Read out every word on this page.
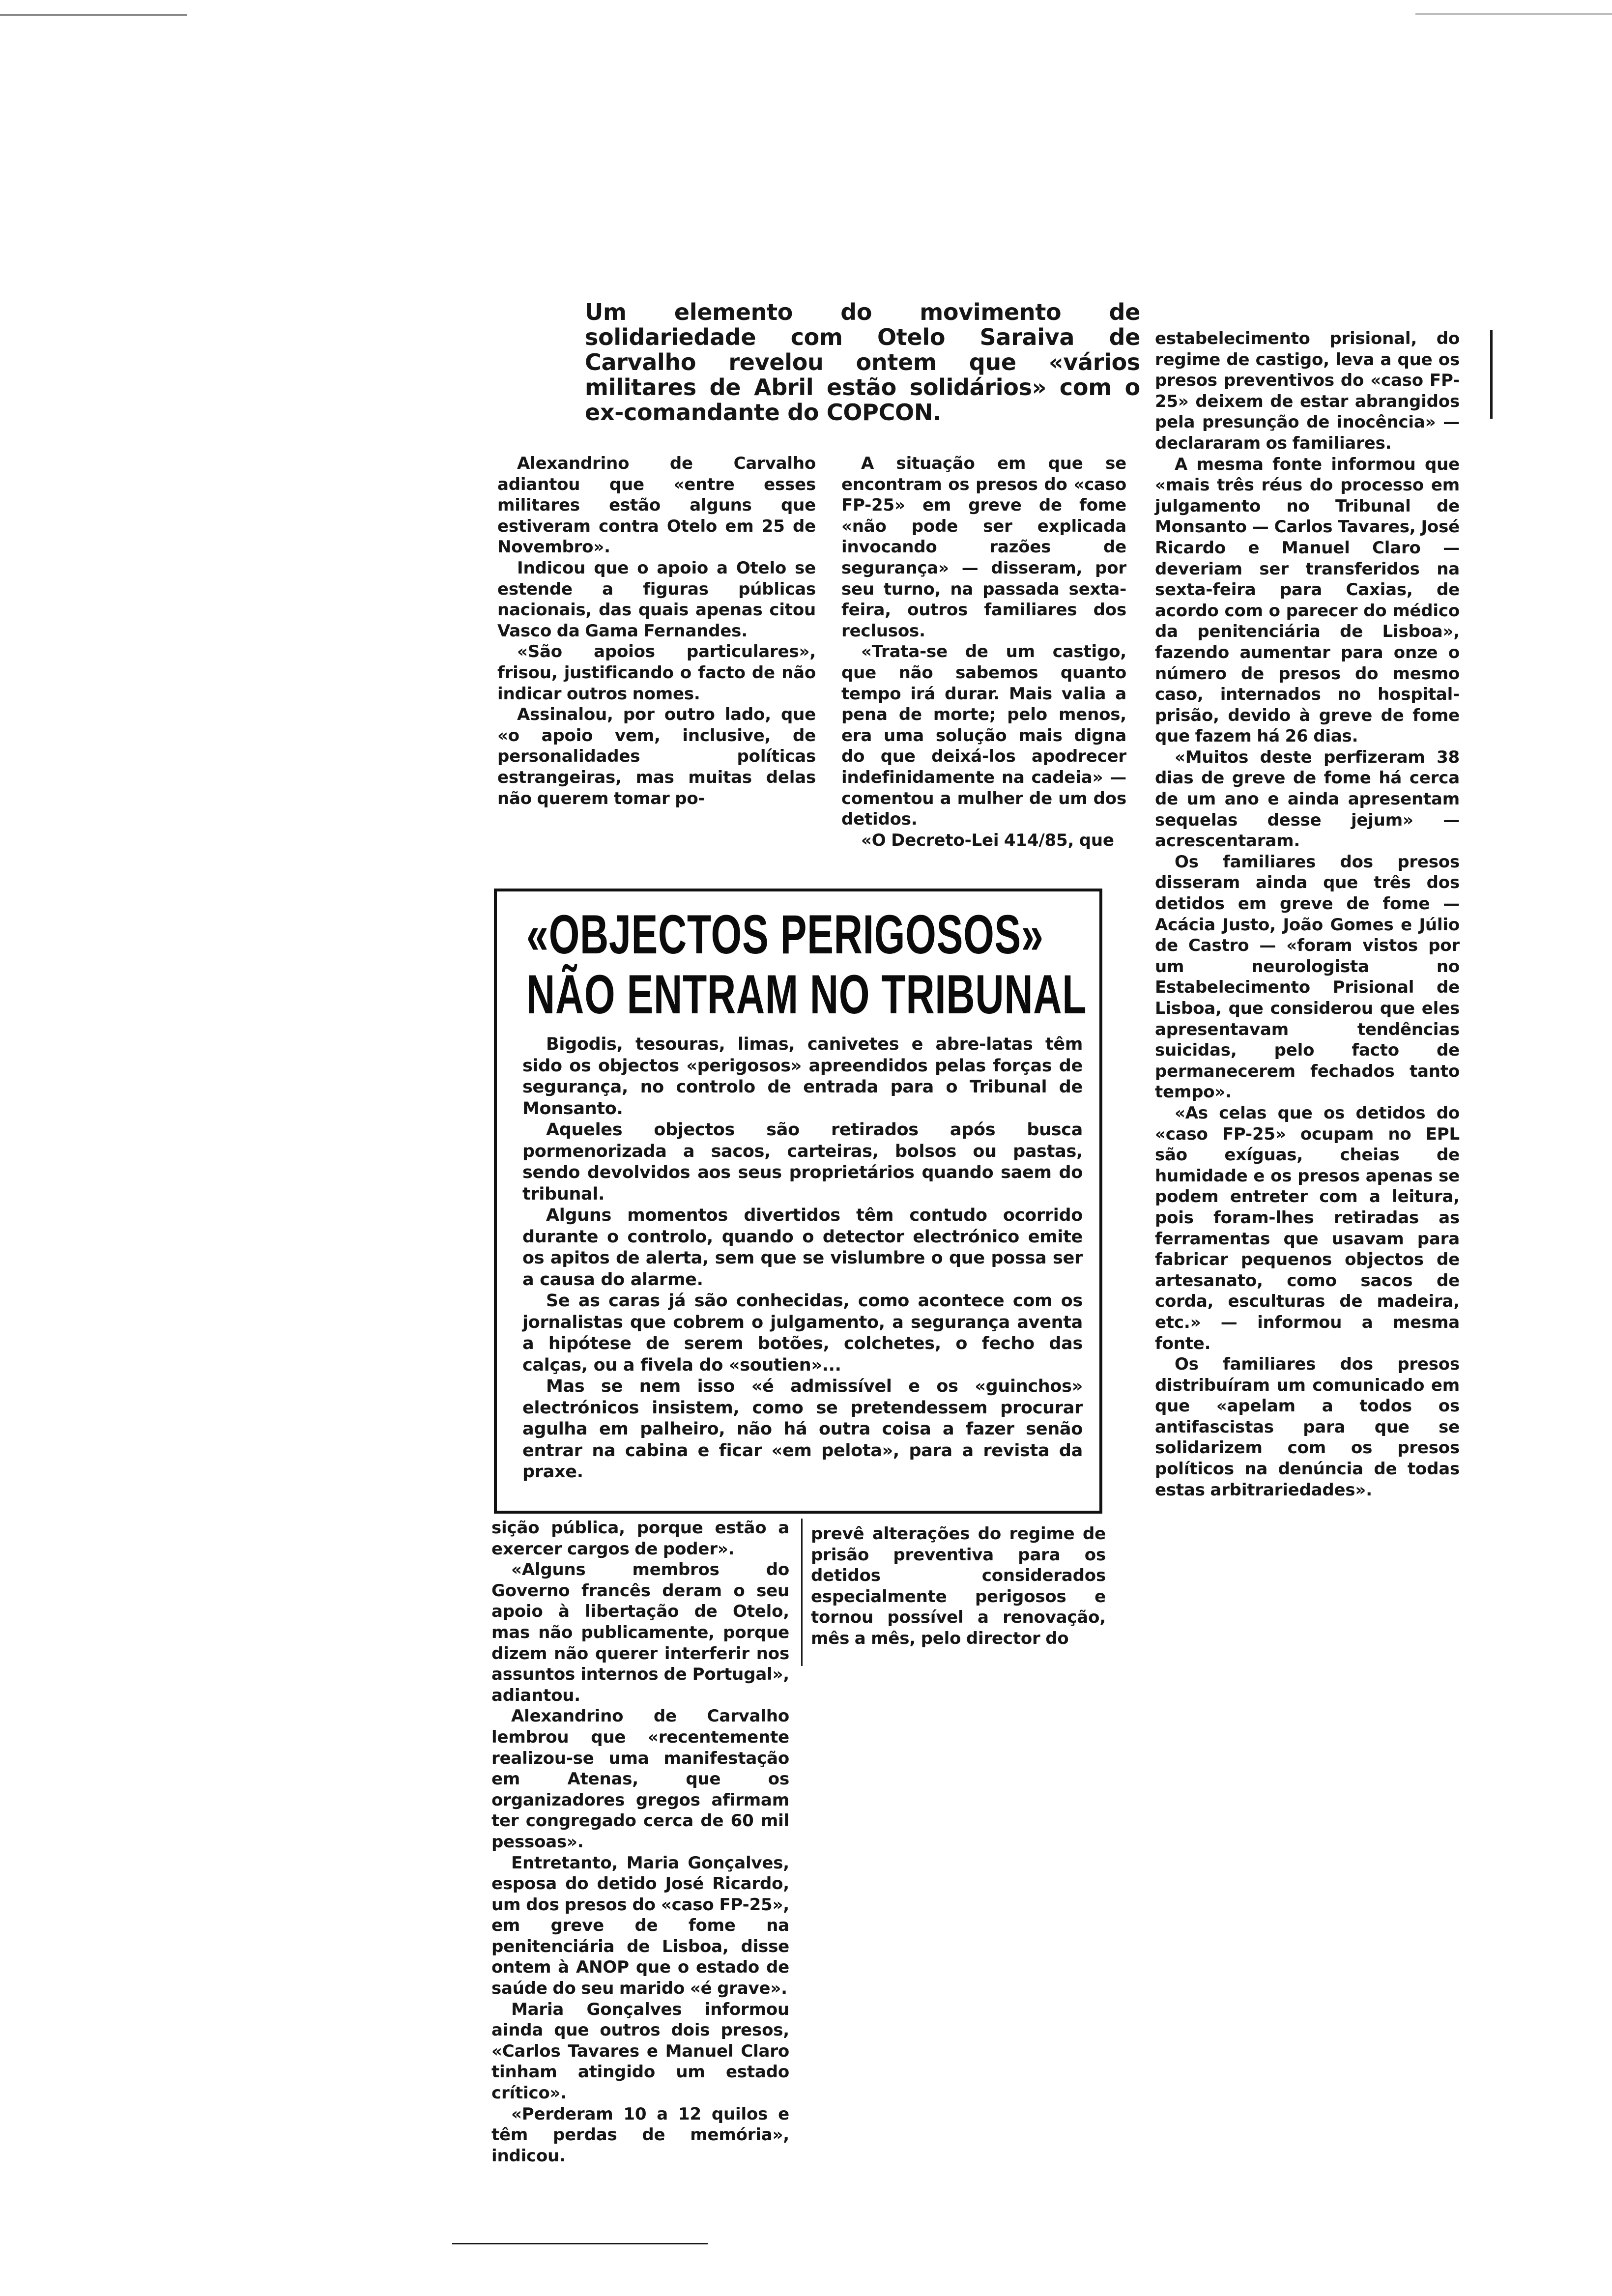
Um elemento do movimento de solidariedade com Otelo Saraiva de Carvalho revelou ontem que «vários militares de Abril estão solidários» com o ex-comandante do COPCON.

Alexandrino de Carvalho adiantou que «entre esses militares estão alguns que estiveram contra Otelo em 25 de Novembro».

Indicou que o apoio a Otelo se estende a figuras públicas nacionais, das quais apenas citou Vasco da Gama Fernandes.

«São apoios particulares», frisou, justificando o facto de não indicar outros nomes.

Assinalou, por outro lado, que «o apoio vem, inclusive, de personalidades políticas estrangeiras, mas muitas delas não querem tomar po-

A situação em que se encontram os presos do «caso FP-25» em greve de fome «não pode ser explicada invocando razões de segurança» — disseram, por seu turno, na passada sexta-feira, outros familiares dos reclusos.

«Trata-se de um castigo, que não sabemos quanto tempo irá durar. Mais valia a pena de morte; pelo menos, era uma solução mais digna do que deixá-los apodrecer indefinidamente na cadeia» — comentou a mulher de um dos detidos.

«O Decreto-Lei 414/85, que

estabelecimento prisional, do regime de castigo, leva a que os presos preventivos do «caso FP-25» deixem de estar abrangidos pela presunção de inocência» — declararam os familiares.

A mesma fonte informou que «mais três réus do processo em julgamento no Tribunal de Monsanto — Carlos Tavares, José Ricardo e Manuel Claro — deveriam ser transferidos na sexta-feira para Caxias, de acordo com o parecer do médico da penitenciária de Lisboa», fazendo aumentar para onze o número de presos do mesmo caso, internados no hospital-prisão, devido à greve de fome que fazem há 26 dias.

«Muitos deste perfizeram 38 dias de greve de fome há cerca de um ano e ainda apresentam sequelas desse jejum» — acrescentaram.

Os familiares dos presos disseram ainda que três dos detidos em greve de fome — Acácia Justo, João Gomes e Júlio de Castro — «foram vistos por um neurologista no Estabelecimento Prisional de Lisboa, que considerou que eles apresentavam tendências suicidas, pelo facto de permanecerem fechados tanto tempo».

«As celas que os detidos do «caso FP-25» ocupam no EPL são exíguas, cheias de humidade e os presos apenas se podem entreter com a leitura, pois foram-lhes retiradas as ferramentas que usavam para fabricar pequenos objectos de artesanato, como sacos de corda, esculturas de madeira, etc.» — informou a mesma fonte.

Os familiares dos presos distribuíram um comunicado em que «apelam a todos os antifascistas para que se solidarizem com os presos políticos na denúncia de todas estas arbitrariedades».

«OBJECTOS PERIGOSOS»
NÃO ENTRAM NO TRIBUNAL

Bigodis, tesouras, limas, canivetes e abre-latas têm sido os objectos «perigosos» apreendidos pelas forças de segurança, no controlo de entrada para o Tribunal de Monsanto.

Aqueles objectos são retirados após busca pormenorizada a sacos, carteiras, bolsos ou pastas, sendo devolvidos aos seus proprietários quando saem do tribunal.

Alguns momentos divertidos têm contudo ocorrido durante o controlo, quando o detector electrónico emite os apitos de alerta, sem que se vislumbre o que possa ser a causa do alarme.

Se as caras já são conhecidas, como acontece com os jornalistas que cobrem o julgamento, a segurança aventa a hipótese de serem botões, colchetes, o fecho das calças, ou a fivela do «soutien»...

Mas se nem isso «é admissível e os «guinchos» electrónicos insistem, como se pretendessem procurar agulha em palheiro, não há outra coisa a fazer senão entrar na cabina e ficar «em pelota», para a revista da praxe.

sição pública, porque estão a exercer cargos de poder».

«Alguns membros do Governo francês deram o seu apoio à libertação de Otelo, mas não publicamente, porque dizem não querer interferir nos assuntos internos de Portugal», adiantou.

Alexandrino de Carvalho lembrou que «recentemente realizou-se uma manifestação em Atenas, que os organizadores gregos afirmam ter congregado cerca de 60 mil pessoas».

Entretanto, Maria Gonçalves, esposa do detido José Ricardo, um dos presos do «caso FP-25», em greve de fome na penitenciária de Lisboa, disse ontem à ANOP que o estado de saúde do seu marido «é grave».

Maria Gonçalves informou ainda que outros dois presos, «Carlos Tavares e Manuel Claro tinham atingido um estado crítico».

«Perderam 10 a 12 quilos e têm perdas de memória», indicou.

prevê alterações do regime de prisão preventiva para os detidos considerados especialmente perigosos e tornou possível a renovação, mês a mês, pelo director do
